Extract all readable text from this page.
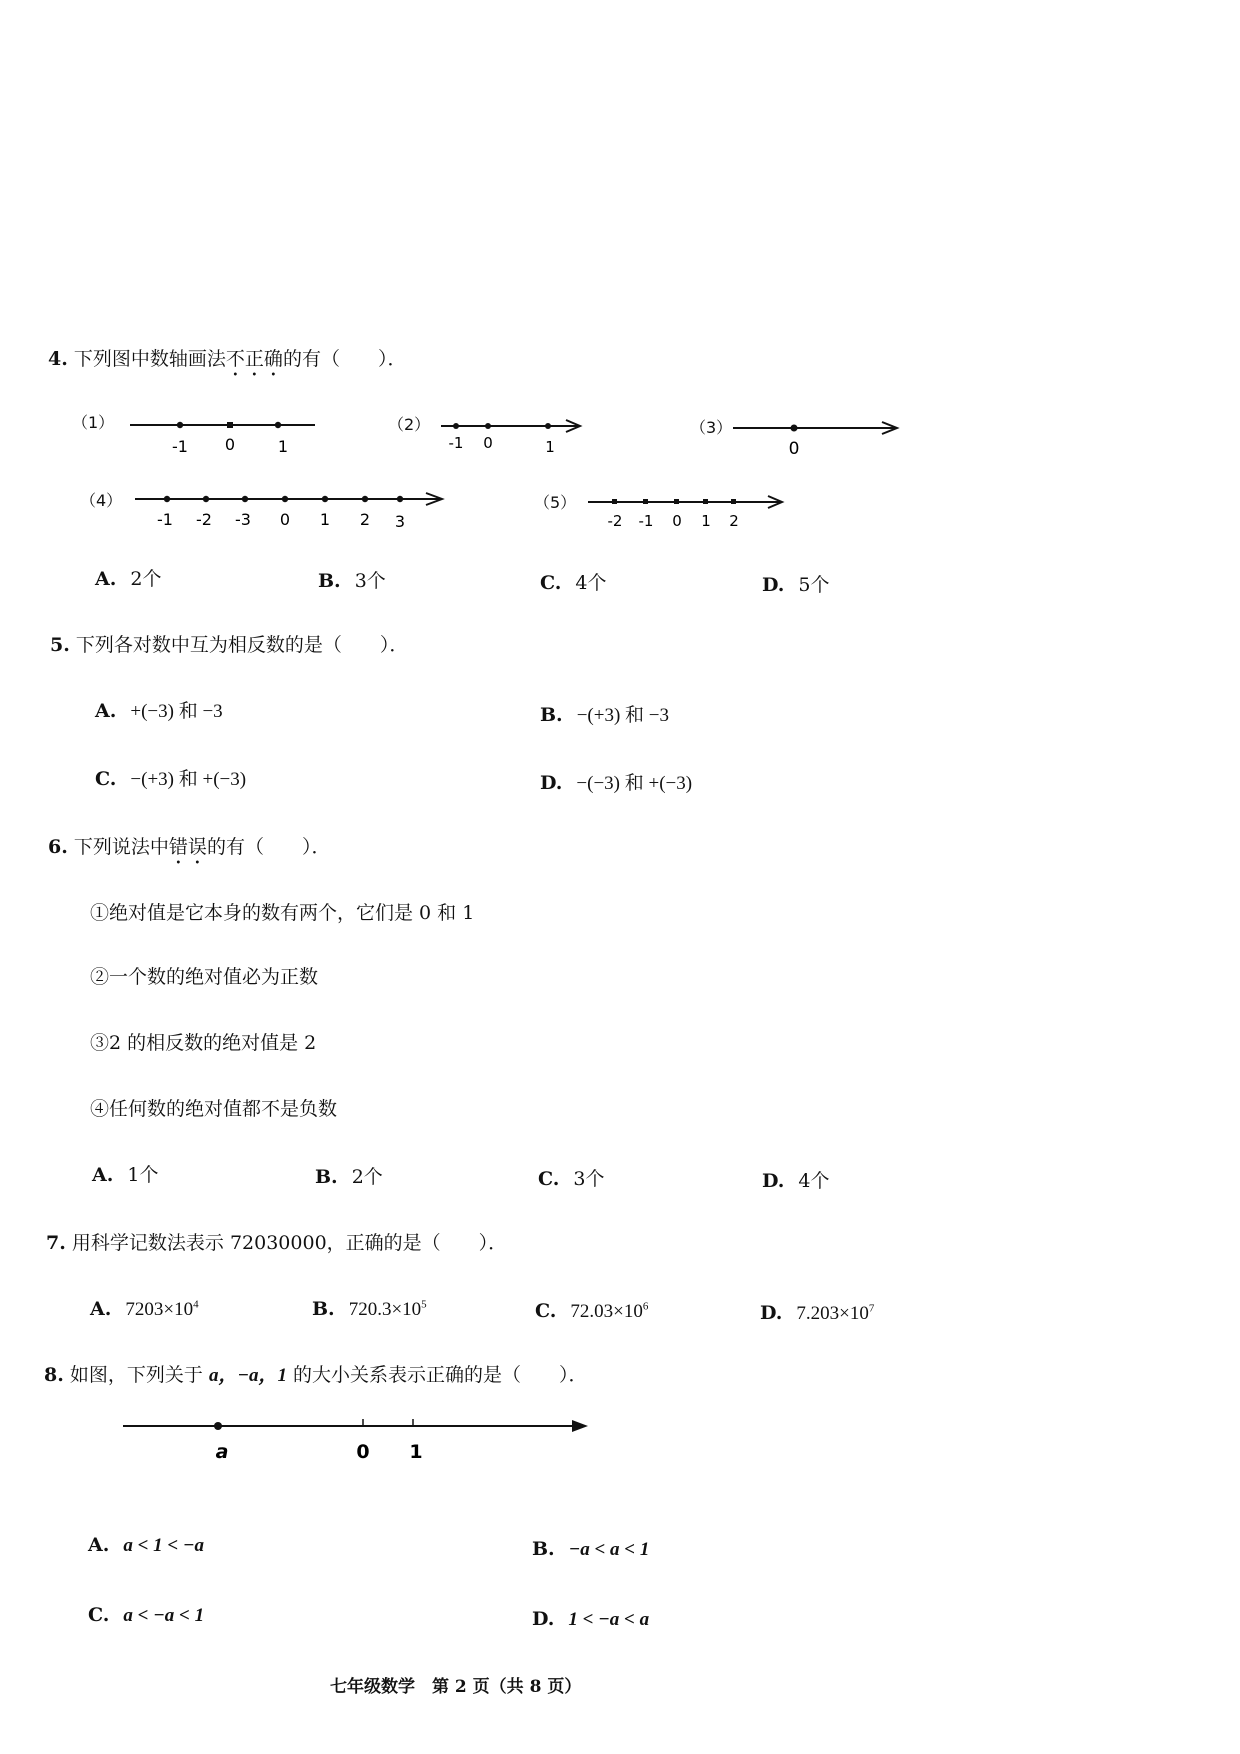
4. 下列图中数轴画法不正确的有（　　）．
（1）
-1 0	1
（2）
-1 0	1
（3）
0
（4）
-1 -2 -3 0 1 2 3
（5）
-2 -1 0 1 2
A. 2个	B. 3个	C. 4个	D. 5个
5. 下列各对数中互为相反数的是（　　）．
A. +(−3) 和 −3	B. −(+3) 和 −3
C. −(+3) 和 +(−3)	D. −(−3) 和 +(−3)
6. 下列说法中错误的有（　　）．
①绝对值是它本身的数有两个，它们是 0 和 1
②一个数的绝对值必为正数
③2 的相反数的绝对值是 2
④任何数的绝对值都不是负数
A. 1个	B. 2个	C. 3个	D. 4个
7. 用科学记数法表示 72030000，正确的是（　　）．
A. $7203\times 10^4$	B. $720.3\times 10^5$	C. $72.03\times 10^6$	D. $7.203\times 10^7$
8. 如图，下列关于 a，−a，1 的大小关系表示正确的是（　　）．
a	0 1
A. a < 1 < −a	B. −a < a < 1
C. a < −a < 1	D. 1 < −a < a
七年级数学　第 2 页（共 8 页）
